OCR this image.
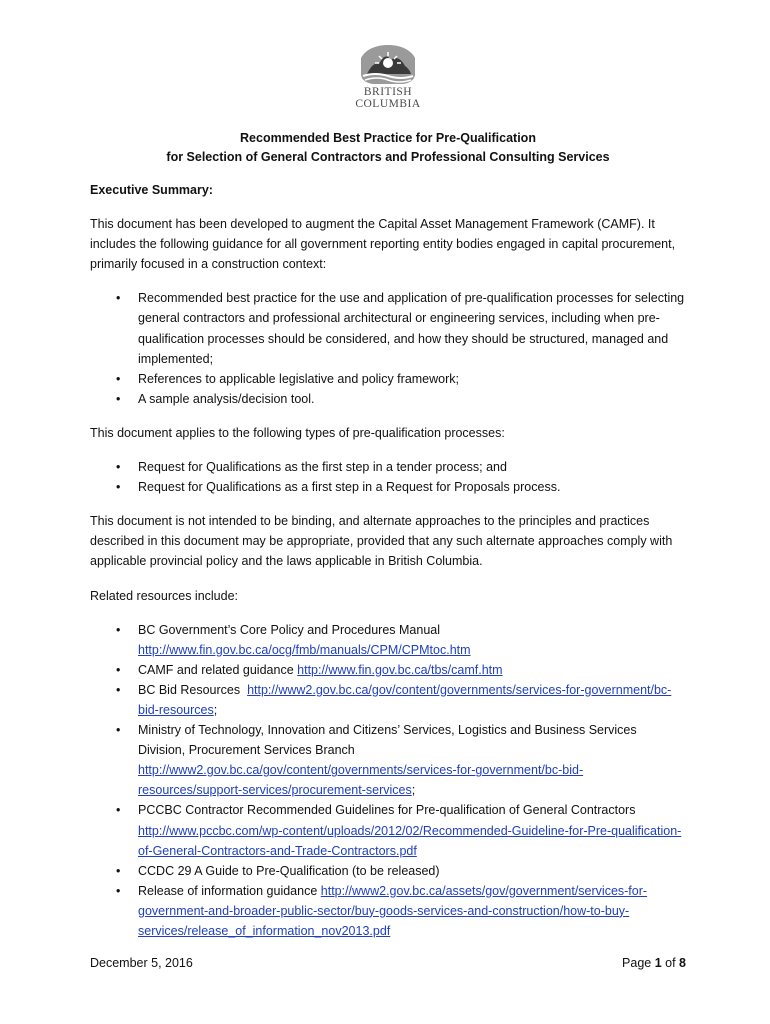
BRITISH
COLUMBIA
Recommended Best Practice for Pre-Qualification
for Selection of General Contractors and Professional Consulting Services
Executive Summary:

This document has been developed to augment the Capital Asset Management Framework (CAMF). It includes the following guidance for all government reporting entity bodies engaged in capital procurement, primarily focused in a construction context:

• Recommended best practice for the use and application of pre-qualification processes for selecting general contractors and professional architectural or engineering services, including when pre-qualification processes should be considered, and how they should be structured, managed and implemented;
• References to applicable legislative and policy framework;
• A sample analysis/decision tool.

This document applies to the following types of pre-qualification processes:

• Request for Qualifications as the first step in a tender process; and
• Request for Qualifications as a first step in a Request for Proposals process.

This document is not intended to be binding, and alternate approaches to the principles and practices described in this document may be appropriate, provided that any such alternate approaches comply with applicable provincial policy and the laws applicable in British Columbia.

Related resources include:

• BC Government’s Core Policy and Procedures Manual
http://www.fin.gov.bc.ca/ocg/fmb/manuals/CPM/CPMtoc.htm
• CAMF and related guidance http://www.fin.gov.bc.ca/tbs/camf.htm
• BC Bid Resources http://www2.gov.bc.ca/gov/content/governments/services-for-government/bc-bid-resources;
• Ministry of Technology, Innovation and Citizens’ Services, Logistics and Business Services Division, Procurement Services Branch
http://www2.gov.bc.ca/gov/content/governments/services-for-government/bc-bid-resources/support-services/procurement-services;
• PCCBC Contractor Recommended Guidelines for Pre-qualification of General Contractors
http://www.pccbc.com/wp-content/uploads/2012/02/Recommended-Guideline-for-Pre-qualification-of-General-Contractors-and-Trade-Contractors.pdf
• CCDC 29 A Guide to Pre-Qualification (to be released)
• Release of information guidance http://www2.gov.bc.ca/assets/gov/government/services-for-government-and-broader-public-sector/buy-goods-services-and-construction/how-to-buy-services/release_of_information_nov2013.pdf
December 5, 2016	Page 1 of 8
